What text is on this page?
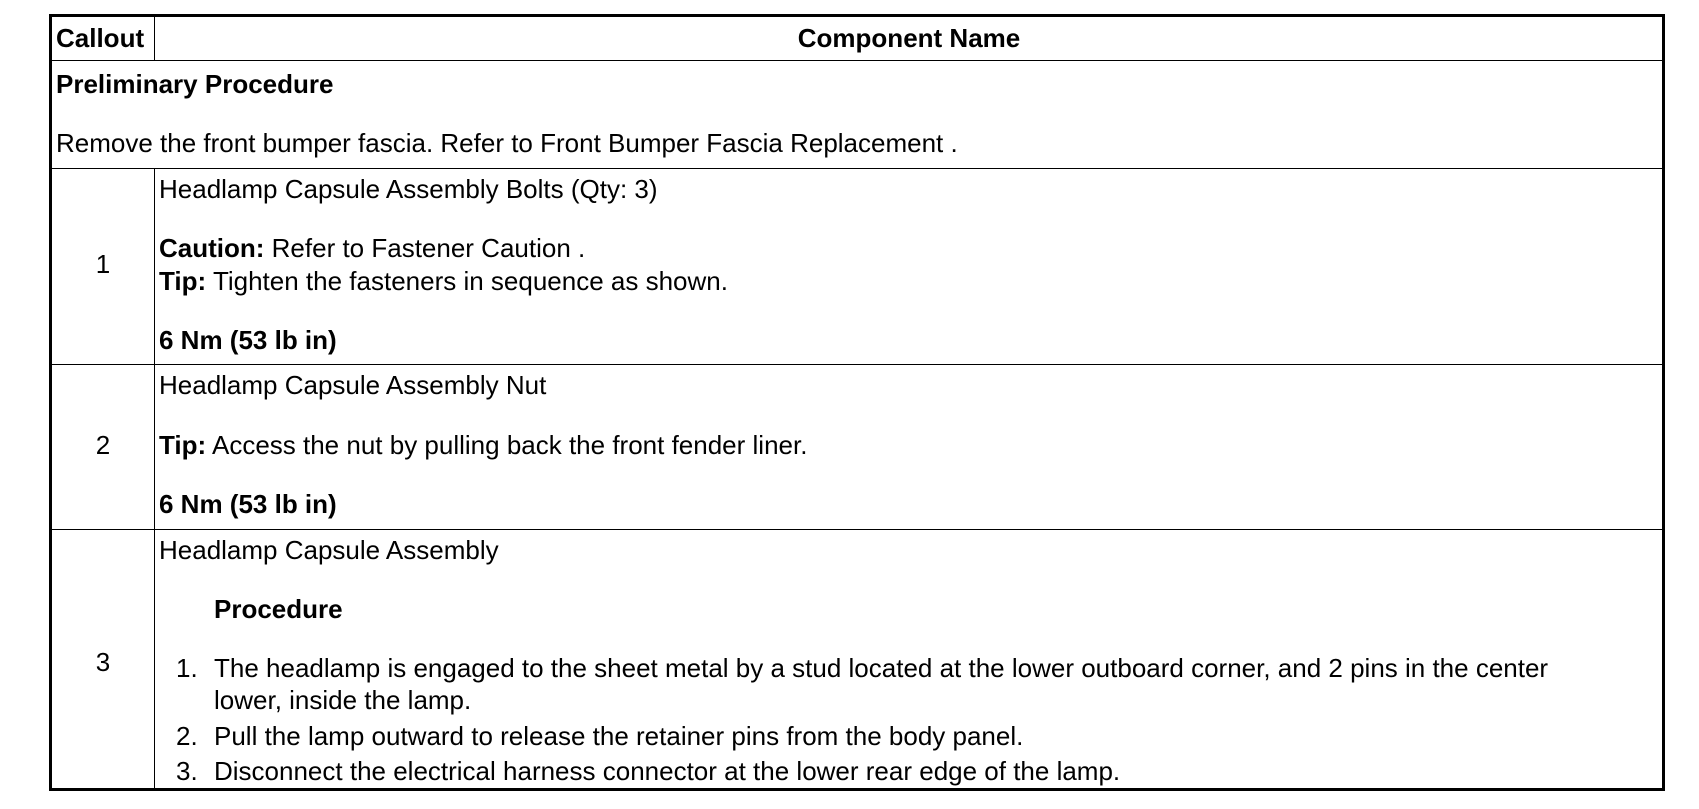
Callout	Component Name
Preliminary Procedure
Remove the front bumper fascia. Refer to Front Bumper Fascia Replacement .
1
Headlamp Capsule Assembly Bolts (Qty: 3)
Caution: Refer to Fastener Caution .
Tip: Tighten the fasteners in sequence as shown.
6 Nm (53 lb in)
2
Headlamp Capsule Assembly Nut
Tip: Access the nut by pulling back the front fender liner.
6 Nm (53 lb in)
3
Headlamp Capsule Assembly
Procedure
1. The headlamp is engaged to the sheet metal by a stud located at the lower outboard corner, and 2 pins in the center
lower, inside the lamp.
2. Pull the lamp outward to release the retainer pins from the body panel.
3. Disconnect the electrical harness connector at the lower rear edge of the lamp.
